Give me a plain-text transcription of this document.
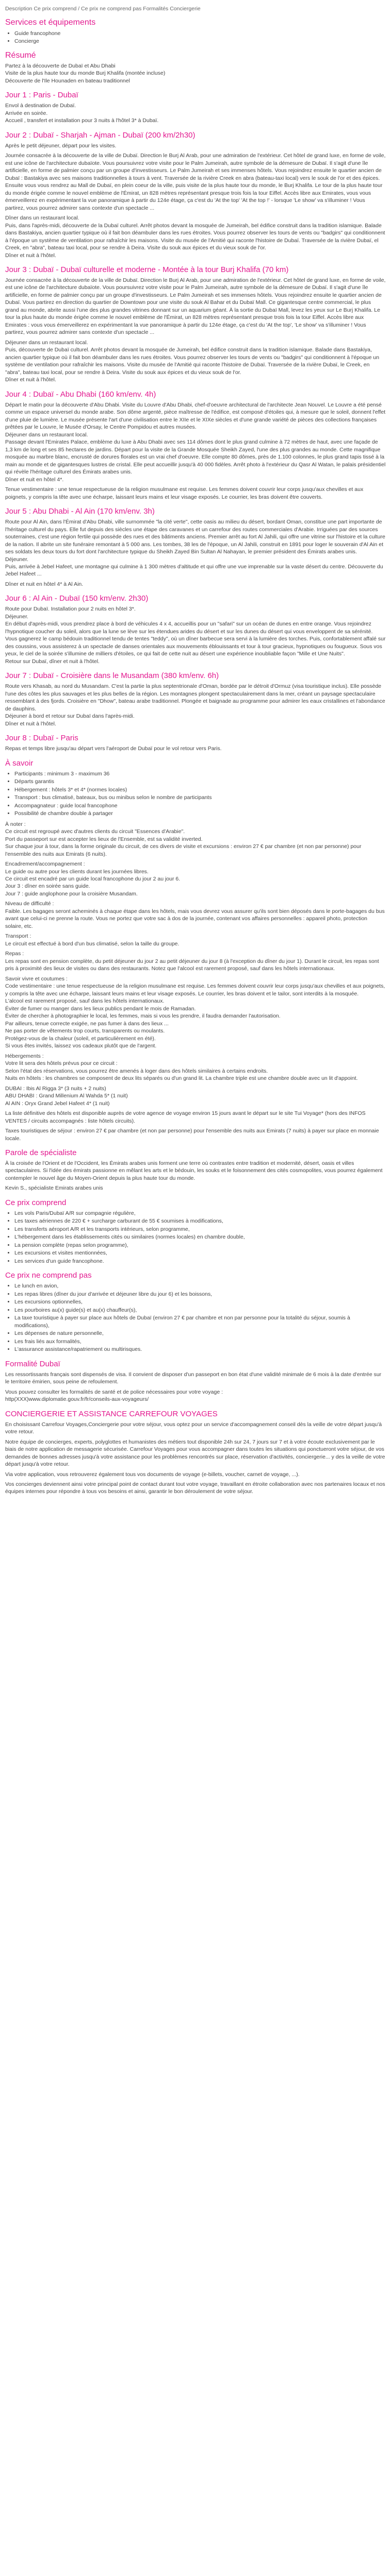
Description Ce prix comprend / Ce prix ne comprend pas Formalités Conciergerie

Services et équipements
• Guide francophone
• Concierge
Résumé
Partez à la découverte de Dubaï et Abu Dhabi
Visite de la plus haute tour du monde Burj Khalifa (montée incluse)
Découverte de l'Ile Hounaden en bateau traditionnel
Jour 1 : Paris - Dubaï

Envol à destination de Dubaï.
Arrivée en soirée.
Accueil , transfert et installation pour 3 nuits à l'hôtel 3* à Dubaï.

Jour 2 : Dubaï - Sharjah - Ajman - Dubaï (200 km/2h30)

Après le petit déjeuner, départ pour les visites.

Journée consacrée à la découverte de la ville de Dubaï. Direction le Burj Al Arab, pour une admiration de l'extérieur. Cet hôtel de grand luxe, en forme de voile, est une icône de l'architecture dubaïote. Vous poursuivrez votre visite pour le Palm Jumeirah, autre symbole de la démesure de Dubaï. Il s'agit d'une île artificielle, en forme de palmier conçu par un groupe d'investisseurs. Le Palm Jumeirah et ses immenses hôtels. Vous rejoindrez ensuite le quartier ancien de Dubaï : Bastakiya avec ses maisons traditionnelles à tours à vent. Traversée de la rivière Creek en abra (bateau-taxi local) vers le souk de l'or et des épices. Ensuite vous vous rendrez au Mall de Dubaï, en plein coeur de la ville, puis visite de la plus haute tour du monde, le Burj Khalifa. Le tour de la plus haute tour du monde érigée comme le nouvel emblème de l'Émirat, un 828 mètres représentant presque trois fois la tour Eiffel. Accès libre aux Emirates, vous vous émerveillerez en expérimentant la vue panoramique à partir du 124e étage, ça c'est du 'At the top' 'At the top !' - lorsque 'Le show' va s'illuminer ! Vous partirez, vous pourrez admirer sans contexte d'un spectacle ...

Dîner dans un restaurant local.
Puis, dans l'après-midi, découverte de la Dubaï culturel. Arrêt photos devant la mosquée de Jumeirah, bel édifice construit dans la tradition islamique. Balade dans Bastakiya, ancien quartier typique où il fait bon déambuler dans les rues étroites. Vous pourrez observer les tours de vents ou "badgirs" qui conditionnent à l'époque un système de ventilation pour rafraîchir les maisons. Visite du musée de l'Amitié qui raconte l'histoire de Dubaï. Traversée de la rivière Dubaï, el Creek, en "abra", bateau taxi local, pour se rendre à Deira. Visite du souk aux épices et du vieux souk de l'or.
Dîner et nuit à l'hôtel.

Jour 3 : Dubaï - Dubaï culturelle et moderne - Montée à la tour Burj Khalifa (70 km)

Journée consacrée à la découverte de la ville de Dubaï. Direction le Burj Al Arab, pour une admiration de l'extérieur. Cet hôtel de grand luxe, en forme de voile, est une icône de l'architecture dubaïote. Vous poursuivrez votre visite pour le Palm Jumeirah, autre symbole de la démesure de Dubaï. Il s'agit d'une île artificielle, en forme de palmier conçu par un groupe d'investisseurs. Le Palm Jumeirah et ses immenses hôtels. Vous rejoindrez ensuite le quartier ancien de Dubaï. Vous partirez en direction du quartier de Downtown pour une visite du souk Al Bahar et du Dubaï Mall. Ce gigantesque centre commercial, le plus grand au monde, abrite aussi l'une des plus grandes vitrines donnant sur un aquarium géant. À la sortie du Dubaï Mall, levez les yeux sur Le Burj Khalifa. Le tour la plus haute du monde érigée comme le nouvel emblème de l'Émirat, un 828 mètres représentant presque trois fois la tour Eiffel. Accès libre aux Emirates : vous vous émerveillerez en expérimentant la vue panoramique à partir du 124e étage, ça c'est du 'At the top', 'Le show' va s'illuminer ! Vous partirez, vous pourrez admirer sans contexte d'un spectacle ...

Déjeuner dans un restaurant local.
Puis, découverte de Dubaï culturel. Arrêt photos devant la mosquée de Jumeirah, bel édifice construit dans la tradition islamique. Balade dans Bastakiya, ancien quartier typique où il fait bon déambuler dans les rues étroites. Vous pourrez observer les tours de vents ou "badgirs" qui conditionnent à l'époque un système de ventilation pour rafraîchir les maisons. Visite du musée de l'Amitié qui raconte l'histoire de Dubaï. Traversée de la rivière Dubaï, le Creek, en "abra", bateau taxi local, pour se rendre à Deira. Visite du souk aux épices et du vieux souk de l'or.
Dîner et nuit à l'hôtel.

Jour 4 : Dubaï - Abu Dhabi (160 km/env. 4h)

Départ le matin pour la découverte d'Abu Dhabi. Visite du Louvre d'Abu Dhabi, chef-d'oeuvre architectural de l'architecte Jean Nouvel. Le Louvre a été pensé comme un espace universel du monde arabe. Son dôme argenté, pièce maîtresse de l'édifice, est composé d'étoiles qui, à mesure que le soleil, donnent l'effet d'une pluie de lumière. Le musée présente l'art d'une civilisation entre le XIIe et le XIXe siècles et d'une grande variété de pièces des collections françaises prêtées par le Louvre, le Musée d'Orsay, le Centre Pompidou et autres musées.
Déjeuner dans un restaurant local.
Passage devant l'Emirates Palace, emblème du luxe à Abu Dhabi avec ses 114 dômes dont le plus grand culmine à 72 mètres de haut, avec une façade de 1,3 km de long et ses 85 hectares de jardins. Départ pour la visite de la Grande Mosquée Sheikh Zayed, l'une des plus grandes au monde. Cette magnifique mosquée au marbre blanc, encrusté de dorures florales est un vrai chef d'oeuvre. Elle compte 80 dômes, près de 1.100 colonnes, le plus grand tapis tissé à la main au monde et de gigantesques lustres de cristal. Elle peut accueillir jusqu'à 40 000 fidèles. Arrêt photo à l'extérieur du Qasr Al Watan, le palais présidentiel qui révèle l'héritage culturel des Émirats arabes unis.
Dîner et nuit en hôtel 4*.

Tenue vestimentaire : une tenue respectueuse de la religion musulmane est requise. Les femmes doivent couvrir leur corps jusqu'aux chevilles et aux poignets, y compris la tête avec une écharpe, laissant leurs mains et leur visage exposés. Le courrier, les bras doivent être couverts.

Jour 5 : Abu Dhabi - Al Ain (170 km/env. 3h)

Route pour Al Ain, dans l'Émirat d'Abu Dhabi, ville surnommée "la cité verte", cette oasis au milieu du désert, bordant Oman, constitue une part importante de l'héritage culturel du pays. Elle fut depuis des siècles une étape des caravanes et un carrefour des routes commerciales d'Arabie. Irriguées par des sources souterraines, c'est une région fertile qui possède des rues et des bâtiments anciens. Premier arrêt au fort Al Jahili, qui offre une vitrine sur l'histoire et la culture de la nation. Il abrite un site funéraire remontant à 5 000 ans. Les tombes, 38 les de l'époque, un Al Jahili, construit en 1891 pour loger le souverain d'Al Ain et ses soldats les deux tours du fort dont l'architecture typique du Sheikh Zayed Bin Sultan Al Nahayan, le premier président des Émirats arabes unis.
Déjeuner.
Puis, arrivée à Jebel Hafeet, une montagne qui culmine à 1 300 mètres d'altitude et qui offre une vue imprenable sur la vaste désert du centre. Découverte du Jebel Hafeet ...

Dîner et nuit en hôtel 4* à Al Ain.

Jour 6 : Al Ain - Dubaï (150 km/env. 2h30)

Route pour Dubaï. Installation pour 2 nuits en hôtel 3*.
Déjeuner.
En début d'après-midi, vous prendrez place à bord de véhicules 4 x 4, accueillis pour un "safari" sur un océan de dunes en entre orange. Vous rejoindrez l'hypnotique coucher du soleil, alors que la lune se lève sur les étendues arides du désert et sur les dunes du désert qui vous enveloppent de sa sérénité.
Vous gagnerez le camp bédouin traditionnel tendu de tentes "teddy", où un dîner barbecue sera servi à la lumière des torches. Puis, confortablement affalé sur des coussins, vous assisterez à un spectacle de danses orientales aux mouvements éblouissants et tour à tour gracieux, hypnotiques ou fougueux. Sous vos yeux, le ciel de la soirée s'illumine de milliers d'étoiles, ce qui fait de cette nuit au désert une expérience inoubliable façon "Mille et Une Nuits".
Retour sur Dubaï, dîner et nuit à l'hôtel.

Jour 7 : Dubaï - Croisière dans le Musandam (380 km/env. 6h)

Route vers Khasab, au nord du Musandam. C'est la partie la plus septentrionale d'Oman, bordée par le détroit d'Ormuz (visa touristique inclus). Elle possède l'une des côtes les plus sauvages et les plus belles de la région. Les montagnes plongent spectaculairement dans la mer, créant un paysage spectaculaire ressemblant à des fjords. Croisière en "Dhow", bateau arabe traditionnel. Plongée et baignade au programme pour admirer les eaux cristallines et l'abondance de dauphins.
Déjeuner à bord et retour sur Dubaï dans l'après-midi.
Dîner et nuit à l'hôtel.

Jour 8 : Dubaï - Paris

Repas et temps libre jusqu'au départ vers l'aéroport de Dubaï pour le vol retour vers Paris.

À savoir
• Participants : minimum 3 - maximum 36
• Départs garantis
• Hébergement : hôtels 3* et 4* (normes locales)
• Transport : bus climatisé, bateaux, bus ou minibus selon le nombre de participants
• Accompagnateur : guide local francophone
• Possibilité de chambre double à partager

À noter :
Ce circuit est regroupé avec d'autres clients du circuit "Essences d'Arabie".
Port du passeport sur est accepter les lieux de l'Ensemble, est sa validité inverted.
Sur chaque jour à tour, dans la forme originale du circuit, de ces divers de visite et excursions : environ 27 € par chambre (et non par personne) pour l'ensemble des nuits aux Emirats (6 nuits).

Encadrement/accompagnement :
Le guide ou autre pour les clients durant les journées libres.
Ce circuit est encadré par un guide local francophone du jour 2 au jour 6.
Jour 3 : dîner en soirée sans guide.
Jour 7 : guide anglophone pour la croisière Musandam.

Niveau de difficulté :
Faible. Les bagages seront acheminés à chaque étape dans les hôtels, mais vous devrez vous assurer qu'ils sont bien déposés dans le porte-bagages du bus avant que celui-ci ne prenne la route. Vous ne portez que votre sac à dos de la journée, contenant vos affaires personnelles : appareil photo, protection solaire, etc.

Transport :
Le circuit est effectué à bord d'un bus climatisé, selon la taille du groupe.

Repas :
Les repas sont en pension complète, du petit déjeuner du jour 2 au petit déjeuner du jour 8 (à l'exception du dîner du jour 1). Durant le circuit, les repas sont pris à proximité des lieux de visites ou dans des restaurants. Notez que l'alcool est rarement proposé, sauf dans les hôtels internationaux.

Savoir vivre et coutumes :
Code vestimentaire : une tenue respectueuse de la religion musulmane est requise. Les femmes doivent couvrir leur corps jusqu'aux chevilles et aux poignets, y compris la tête avec une écharpe, laissant leurs mains et leur visage exposés. Le courrier, les bras doivent et le tailor, sont interdits à la mosquée.
L'alcool est rarement proposé, sauf dans les hôtels internationaux.
Éviter de fumer ou manger dans les lieux publics pendant le mois de Ramadan.
Éviter de chercher à photographier le local, les femmes, mais si vous les prendre, il faudra demander l'autorisation.
Par ailleurs, tenue correcte exigée, ne pas fumer à dans des lieux ...
Ne pas porter de vêtements trop courts, transparents ou moulants.
Protégez-vous de la chaleur (soleil, et particulièrement en été).
Si vous êtes invités, laissez vos cadeaux plutôt que de l'argent.

Hébergements :
Votre lit sera des hôtels prévus pour ce circuit :
Selon l'état des réservations, vous pourrez être amenés à loger dans des hôtels similaires à certains endroits.
Nuits en hôtels : les chambres se composent de deux lits séparés ou d'un grand lit. La chambre triple est une chambre double avec un lit d'appoint.

DUBAI : Ibis Al Rigga 3* (3 nuits + 2 nuits)
ABU DHABI : Grand Millenium Al Wahda 5* (1 nuit)
Al AIN : Oryx Grand Jebel Hafeet 4* (1 nuit)

La liste définitive des hôtels est disponible auprès de votre agence de voyage environ 15 jours avant le départ sur le site Tui Voyage* (hors des INFOS VENTES / circuits accompagnés : liste hôtels circuits).

Taxes touristiques de séjour : environ 27 € par chambre (et non par personne) pour l'ensemble des nuits aux Emirats (7 nuits) à payer sur place en monnaie locale.

Parole de spécialiste

À la croisée de l'Orient et de l'Occident, les Émirats arabes unis forment une terre où contrastes entre tradition et modernité, désert, oasis et villes spectaculaires. Si l'idée des émirats passionne en mêlant les arts et le bédouin, les souks et le foisonnement des cités cosmopolites, vous pourrez également contempler le nouvel âge du Moyen-Orient depuis la plus haute tour du monde.

Kevin S., spécialiste Emirats arabes unis

Ce prix comprend
• Les vols Paris/Dubaï A/R sur compagnie régulière,
• Les taxes aériennes de 220 € + surcharge carburant de 55 € soumises à modifications,
• Les transferts aéroport A/R et les transports intérieurs, selon programme,
• L'hébergement dans les établissements cités ou similaires (normes locales) en chambre double,
• La pension complète (repas selon programme),
• Les excursions et visites mentionnées,
• Les services d'un guide francophone.
Ce prix ne comprend pas
• Le lunch en avion,
• Les repas libres (dîner du jour d'arrivée et déjeuner libre du jour 6) et les boissons,
• Les excursions optionnelles,
• Les pourboires au(x) guide(s) et au(x) chauffeur(s),
• La taxe touristique à payer sur place aux hôtels de Dubaï (environ 27 € par chambre et non par personne pour la totalité du séjour, soumis à modifications),
• Les dépenses de nature personnelle,
• Les frais liés aux formalités,
• L'assurance assistance/rapatriement ou multirisques.
Formalité Dubaï

Les ressortissants français sont dispensés de visa. Il convient de disposer d'un passeport en bon état d'une validité minimale de 6 mois à la date d'entrée sur le territoire émirien, sous peine de refoulement.

Vous pouvez consulter les formalités de santé et de police nécessaires pour votre voyage :
http(XXX)www.diplomatie.gouv.fr/fr/conseils-aux-voyageurs/

CONCIERGERIE ET ASSISTANCE CARREFOUR VOYAGES

En choisissant Carrefour Voyages,Conciergerie pour votre séjour, vous optez pour un service d'accompagnement conseil dès la veille de votre départ jusqu'à votre retour.

Notre équipe de concierges, experts, polyglottes et humanistes des métiers tout disponible 24h sur 24, 7 jours sur 7 et à votre écoute exclusivement par le biais de notre application de messagerie sécurisée. Carrefour Voyages pour vous accompagner dans toutes les situations qui ponctueront votre séjour, de vos demandes de bonnes adresses jusqu'à votre assistance pour les problèmes rencontrés sur place, réservation d'activités, conciergerie... y des la veille de votre départ jusqu'à votre retour.

Via votre application, vous retrouverez également tous vos documents de voyage (e-billets, voucher, carnet de voyage, ...).

Vos concierges deviennent ainsi votre principal point de contact durant tout votre voyage, travaillant en étroite collaboration avec nos partenaires locaux et nos équipes internes pour répondre à tous vos besoins et ainsi, garantir le bon déroulement de votre séjour.
